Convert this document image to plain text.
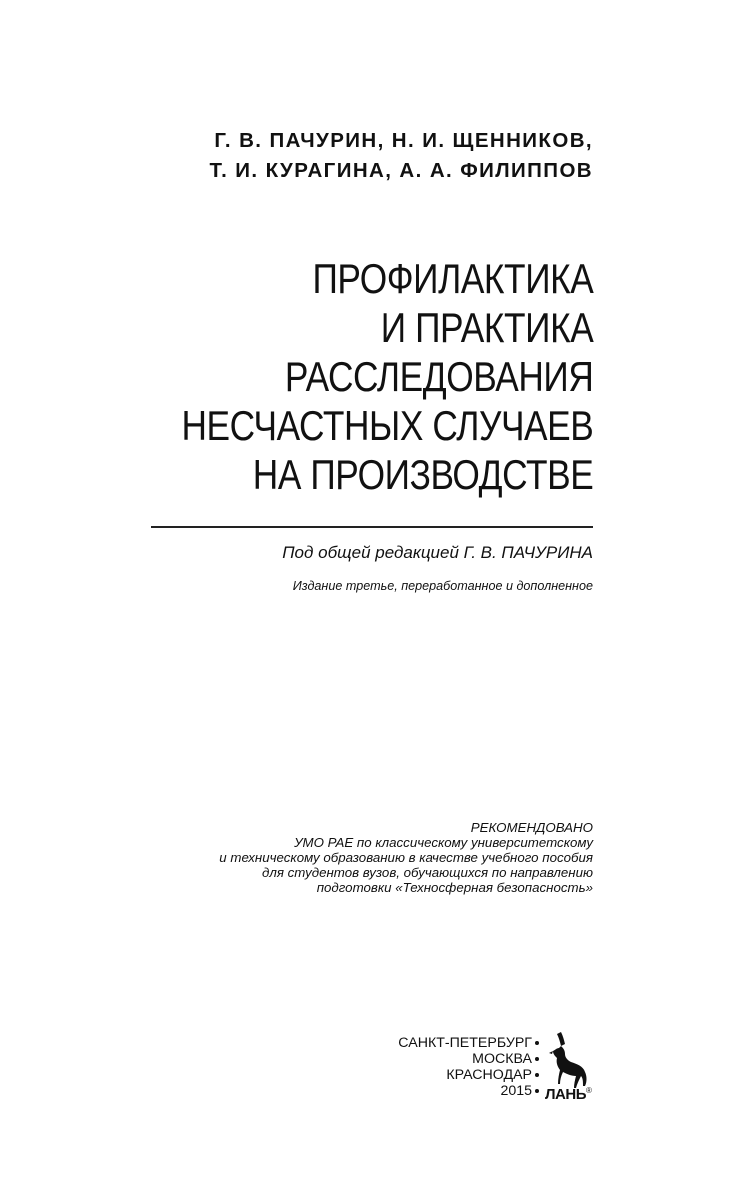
Г. В. ПАЧУРИН, Н. И. ЩЕННИКОВ,
Т. И. КУРАГИНА, А. А. ФИЛИППОВ
ПРОФИЛАКТИКА
И ПРАКТИКА
РАССЛЕДОВАНИЯ
НЕСЧАСТНЫХ СЛУЧАЕВ
НА ПРОИЗВОДСТВЕ
Под общей редакцией Г. В. ПАЧУРИНА
Издание третье, переработанное и дополненное
РЕКОМЕНДОВАНО
УМО РАЕ по классическому университетскому
и техническому образованию в качестве учебного пособия
для студентов вузов, обучающихся по направлению
подготовки «Техносферная безопасность»
САНКТ-ПЕТЕРБУРГ
МОСКВА
КРАСНОДАР
2015 ЛАНЬ®
